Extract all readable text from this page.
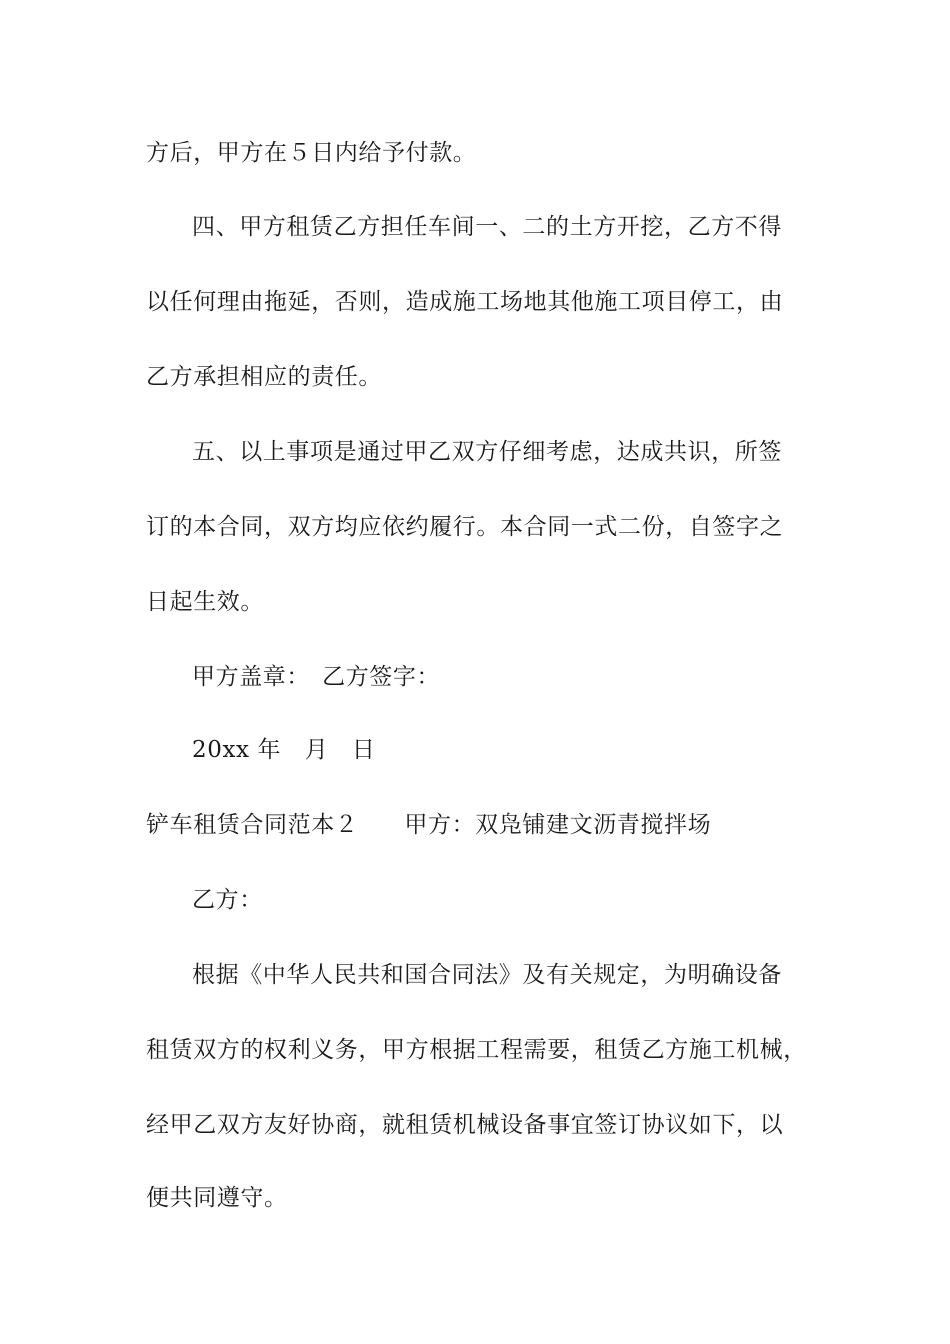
方后，甲方在５日内给予付款。
四、甲方租赁乙方担任车间一、二的土方开挖，乙方不得
以任何理由拖延，否则，造成施工场地其他施工项目停工，由
乙方承担相应的责任。
五、以上事项是通过甲乙双方仔细考虑，达成共识，所签
订的本合同，双方均应依约履行。本合同一式二份，自签字之
日起生效。
甲方盖章：　乙方签字：
20xx 年　月　日
铲车租赁合同范本２ 甲方：双凫铺建文沥青搅拌场
乙方：
根据《中华人民共和国合同法》及有关规定，为明确设备
租赁双方的权利义务，甲方根据工程需要，租赁乙方施工机械，
经甲乙双方友好协商，就租赁机械设备事宜签订协议如下，以
便共同遵守。
